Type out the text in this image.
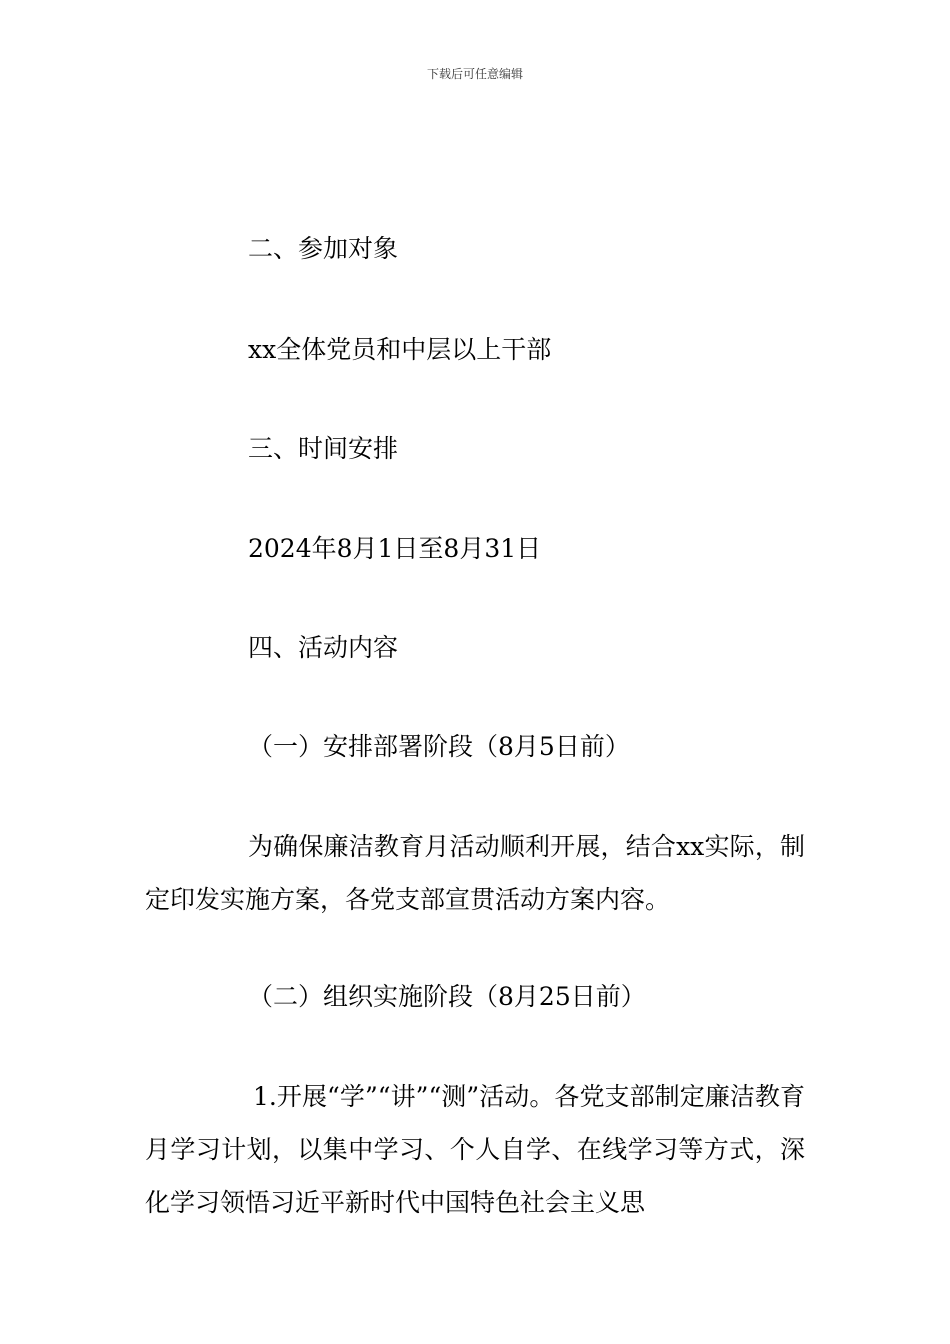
下载后可任意编辑
二、参加对象
xx全体党员和中层以上干部
三、时间安排
2024年8月1日至8月31日
四、活动内容
（一）安排部署阶段（8月5日前）
为确保廉洁教育月活动顺利开展，结合xx实际，制定印发实施方案，各党支部宣贯活动方案内容。
（二）组织实施阶段（8月25日前）
1.开展“学”“讲”“测”活动。各党支部制定廉洁教育月学习计划，以集中学习、个人自学、在线学习等方式，深化学习领悟习近平新时代中国特色社会主义思
